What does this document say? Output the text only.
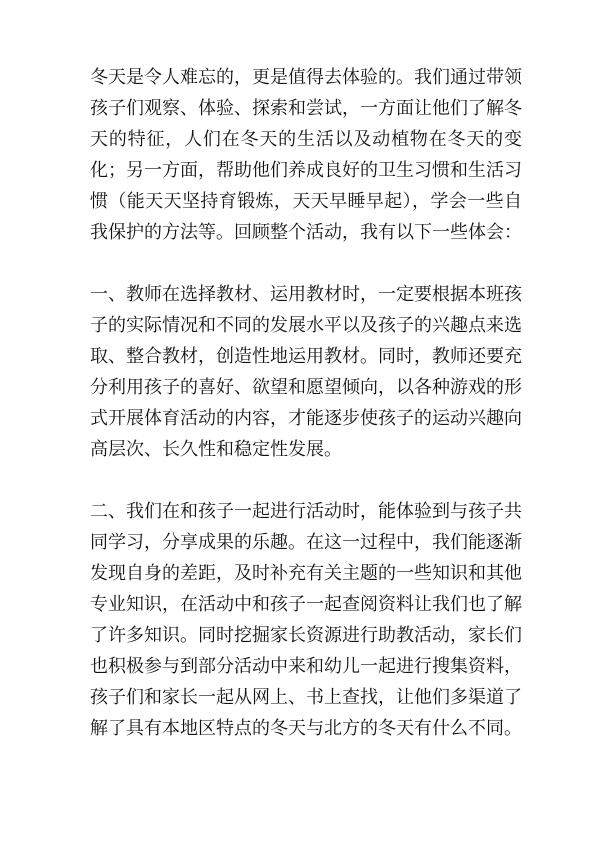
冬天是令人难忘的，更是值得去体验的。我们通过带领孩子们观察、体验、探索和尝试，一方面让他们了解冬天的特征，人们在冬天的生活以及动植物在冬天的变化；另一方面，帮助他们养成良好的卫生习惯和生活习惯（能天天坚持育锻炼，天天早睡早起），学会一些自我保护的方法等。回顾整个活动，我有以下一些体会：

一、教师在选择教材、运用教材时，一定要根据本班孩子的实际情况和不同的发展水平以及孩子的兴趣点来选取、整合教材，创造性地运用教材。同时，教师还要充分利用孩子的喜好、欲望和愿望倾向，以各种游戏的形式开展体育活动的内容，才能逐步使孩子的运动兴趣向高层次、长久性和稳定性发展。

二、我们在和孩子一起进行活动时，能体验到与孩子共同学习，分享成果的乐趣。在这一过程中，我们能逐渐发现自身的差距，及时补充有关主题的一些知识和其他专业知识，在活动中和孩子一起查阅资料让我们也了解了许多知识。同时挖掘家长资源进行助教活动，家长们也积极参与到部分活动中来和幼儿一起进行搜集资料，孩子们和家长一起从网上、书上查找，让他们多渠道了解了具有本地区特点的冬天与北方的冬天有什么不同。
